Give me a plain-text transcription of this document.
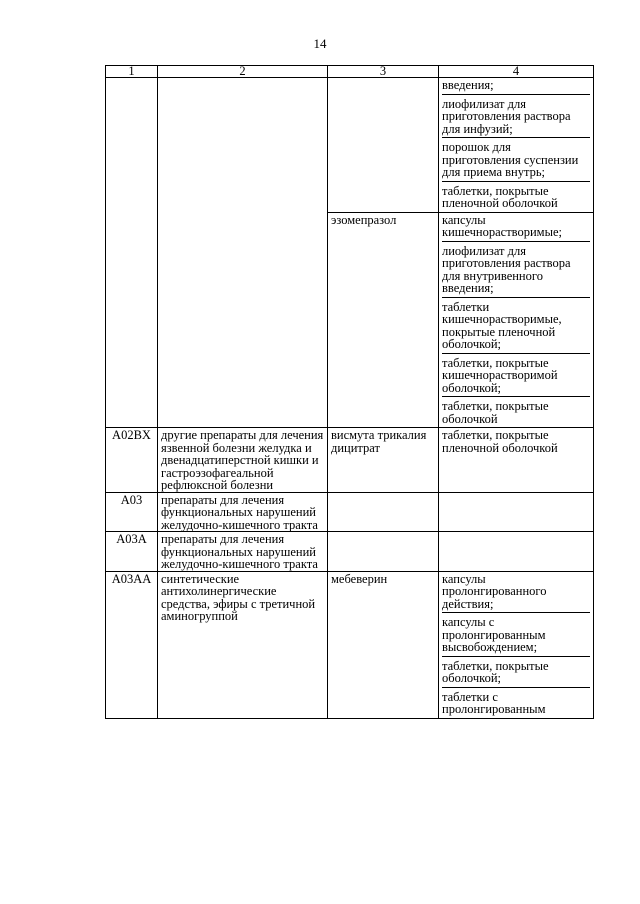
14
1	2	3	4

			введения;
лиофилизат для приготовления раствора для инфузий;
порошок для приготовления суспензии для приема внутрь;
таблетки, покрытые пленочной оболочкой

		эзомепразол	капсулы кишечнорастворимые;
лиофилизат для приготовления раствора для внутривенного введения;
таблетки кишечнорастворимые, покрытые пленочной оболочкой;
таблетки, покрытые кишечнорастворимой оболочкой;
таблетки, покрытые оболочкой

A02BX	другие препараты для лечения язвенной болезни желудка и двенадцатиперстной кишки и гастроэзофагеальной рефлюксной болезни	висмута трикалия дицитрат	таблетки, покрытые пленочной оболочкой

A03	препараты для лечения функциональных нарушений желудочно-кишечного тракта		
A03A	препараты для лечения функциональных нарушений желудочно-кишечного тракта		
A03AA	синтетические антихолинергические средства, эфиры с третичной аминогруппой	мебеверин	капсулы пролонгированного действия;
капсулы с пролонгированным высвобождением;
таблетки, покрытые оболочкой;
таблетки с пролонгированным
